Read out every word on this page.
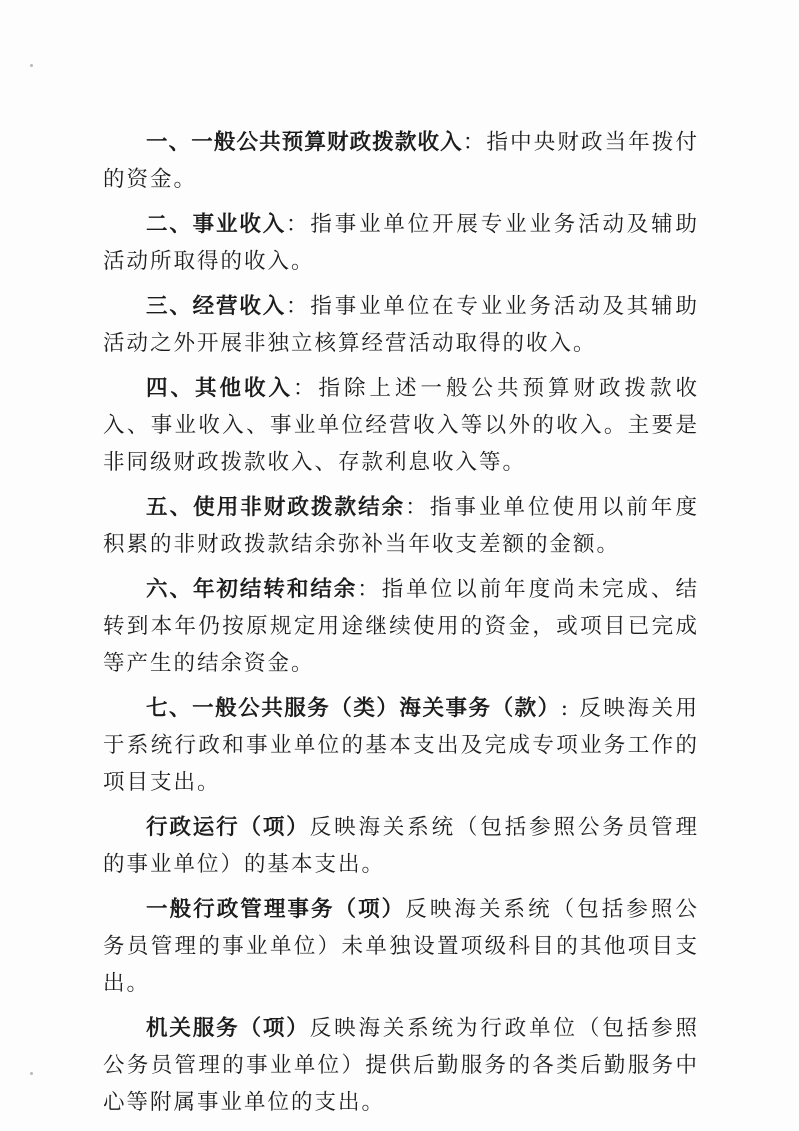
一、一般公共预算财政拨款收入：指中央财政当年拨付的资金。

二、事业收入：指事业单位开展专业业务活动及辅助活动所取得的收入。

三、经营收入：指事业单位在专业业务活动及其辅助活动之外开展非独立核算经营活动取得的收入。

四、其他收入：指除上述一般公共预算财政拨款收入、事业收入、事业单位经营收入等以外的收入。主要是非同级财政拨款收入、存款利息收入等。

五、使用非财政拨款结余：指事业单位使用以前年度积累的非财政拨款结余弥补当年收支差额的金额。

六、年初结转和结余：指单位以前年度尚未完成、结转到本年仍按原规定用途继续使用的资金，或项目已完成等产生的结余资金。

七、一般公共服务（类）海关事务（款）: 反映海关用于系统行政和事业单位的基本支出及完成专项业务工作的项目支出。

行政运行（项）反映海关系统（包括参照公务员管理的事业单位）的基本支出。

一般行政管理事务（项）反映海关系统（包括参照公务员管理的事业单位）未单独设置项级科目的其他项目支出。

机关服务（项）反映海关系统为行政单位（包括参照公务员管理的事业单位）提供后勤服务的各类后勤服务中心等附属事业单位的支出。
